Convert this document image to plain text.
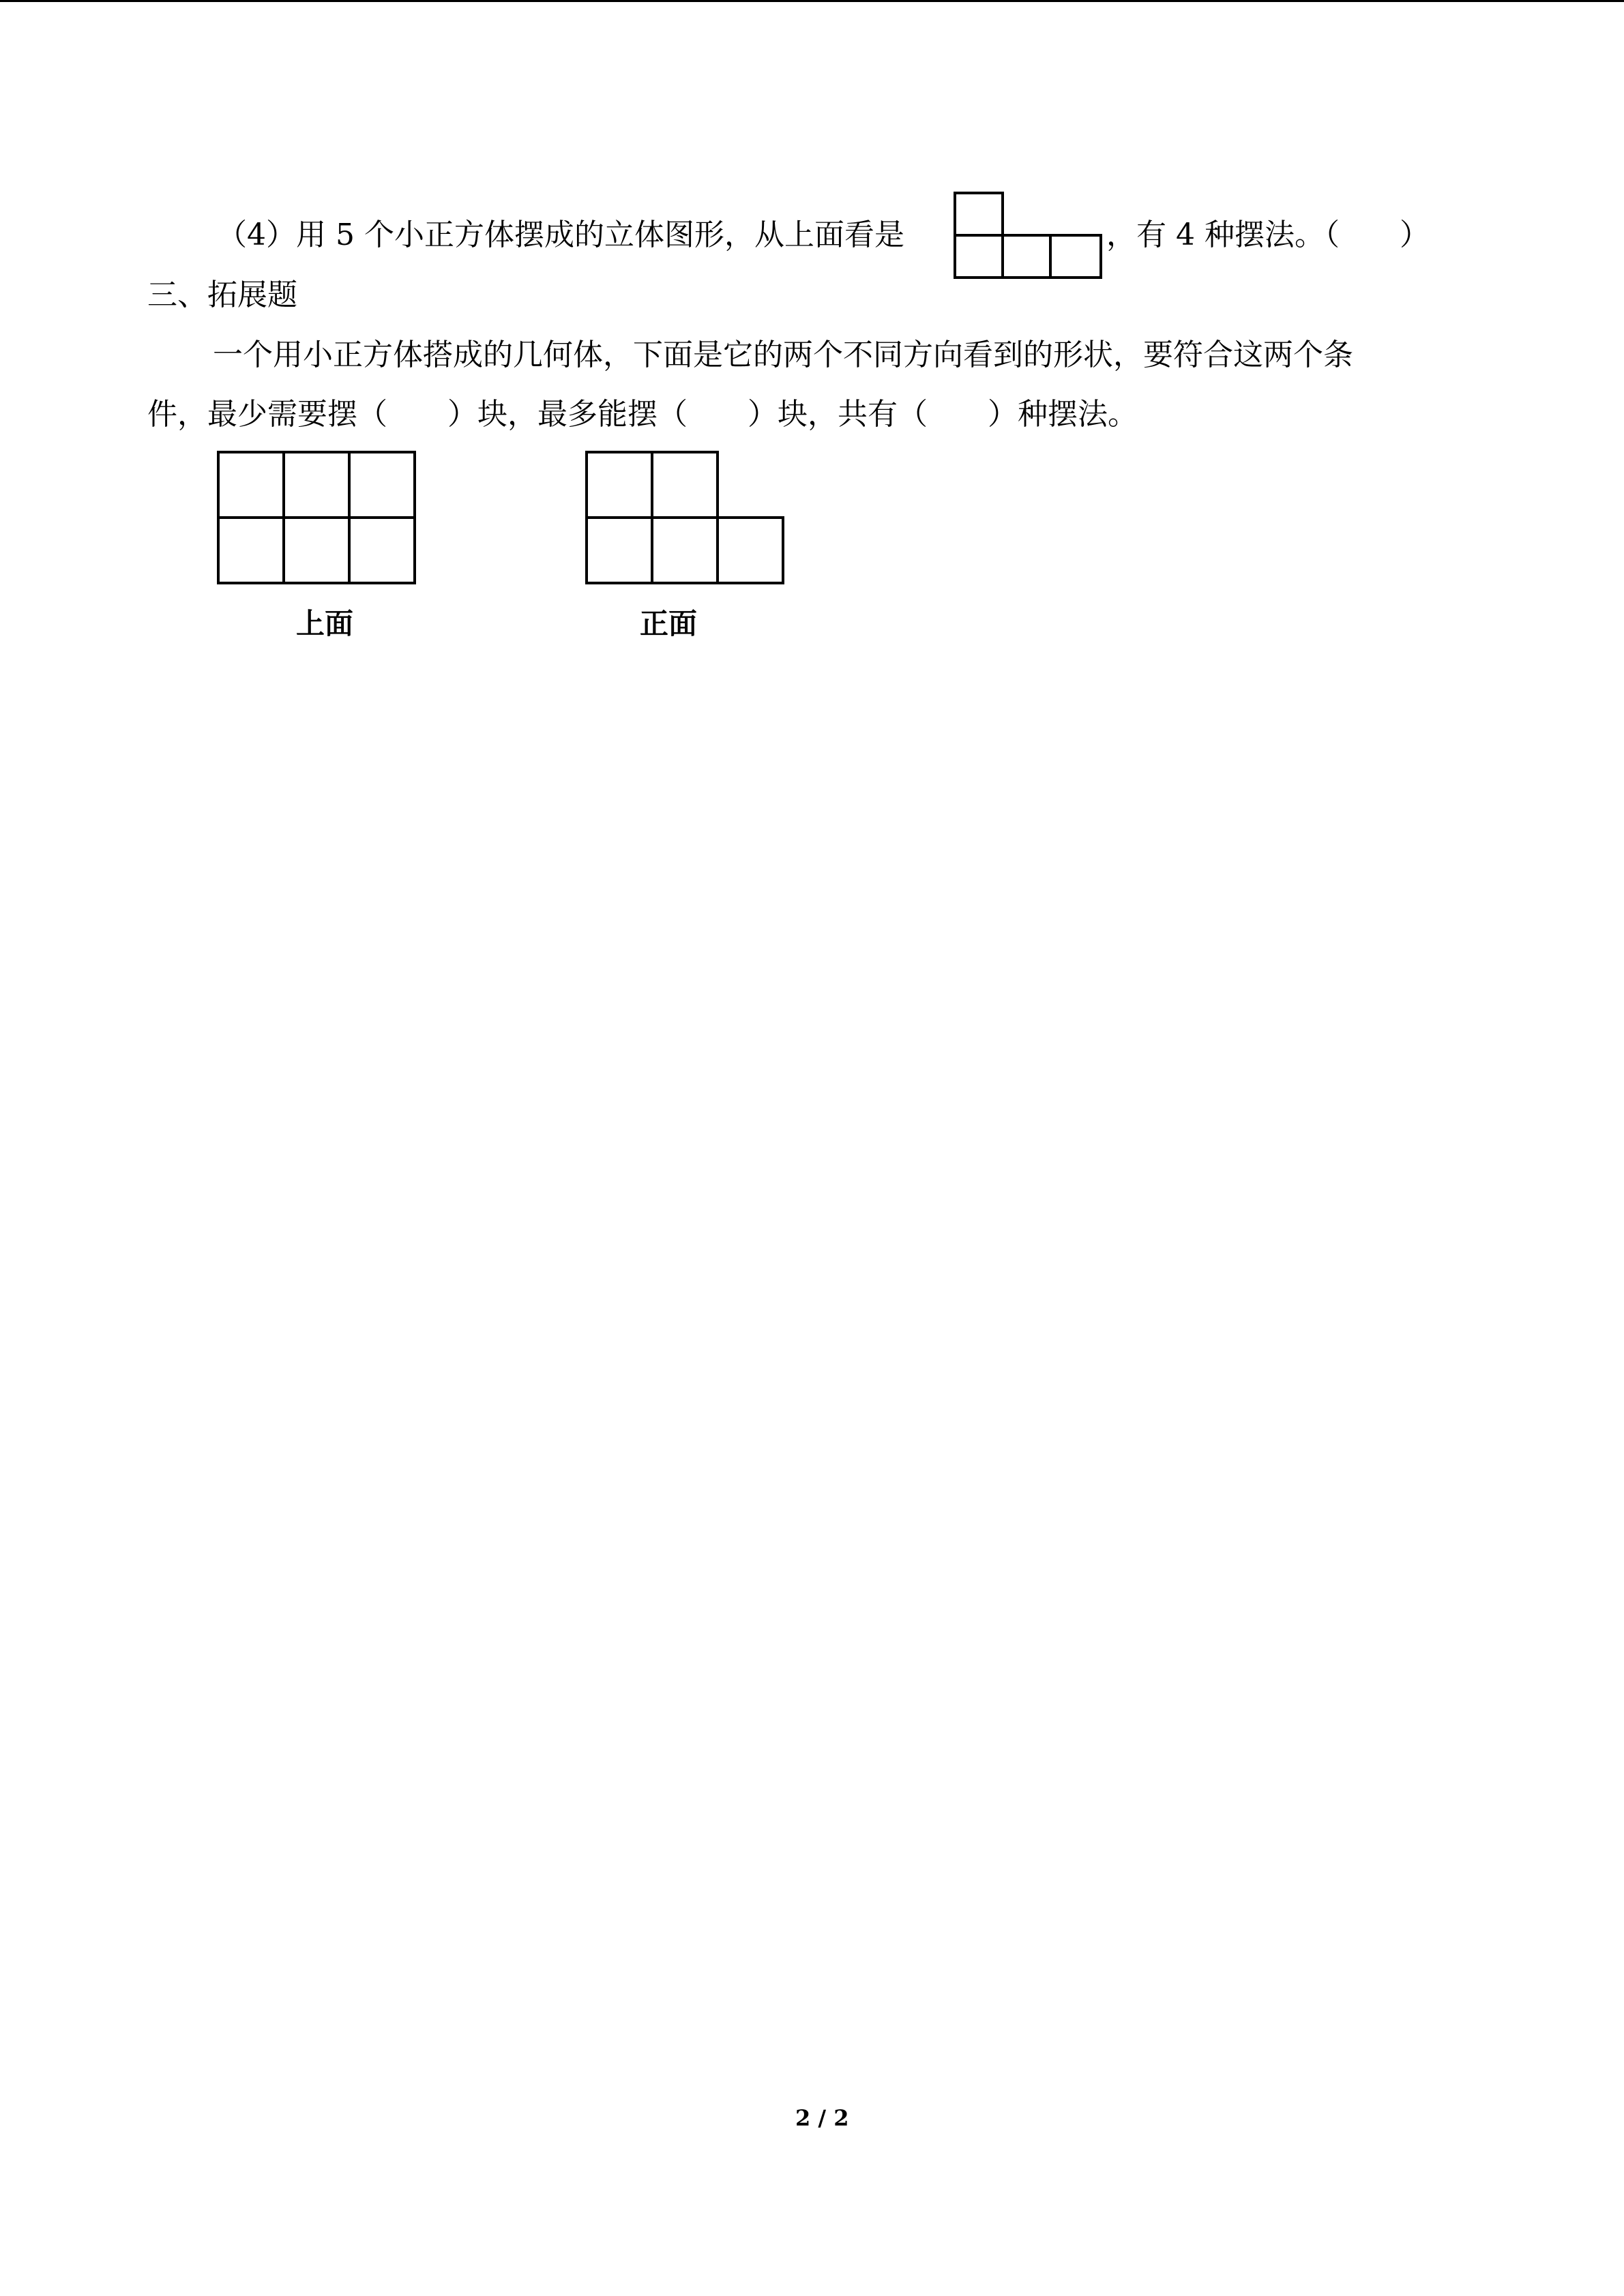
（4）用 5 个小正方体摆成的立体图形，从上面看是	，有 4 种摆法。（　　）
三、拓展题
一个用小正方体搭成的几何体，下面是它的两个不同方向看到的形状，要符合这两个条
件，最少需要摆（　　）块，最多能摆（　　）块，共有（　　）种摆法。
上面	正面
2 / 2
